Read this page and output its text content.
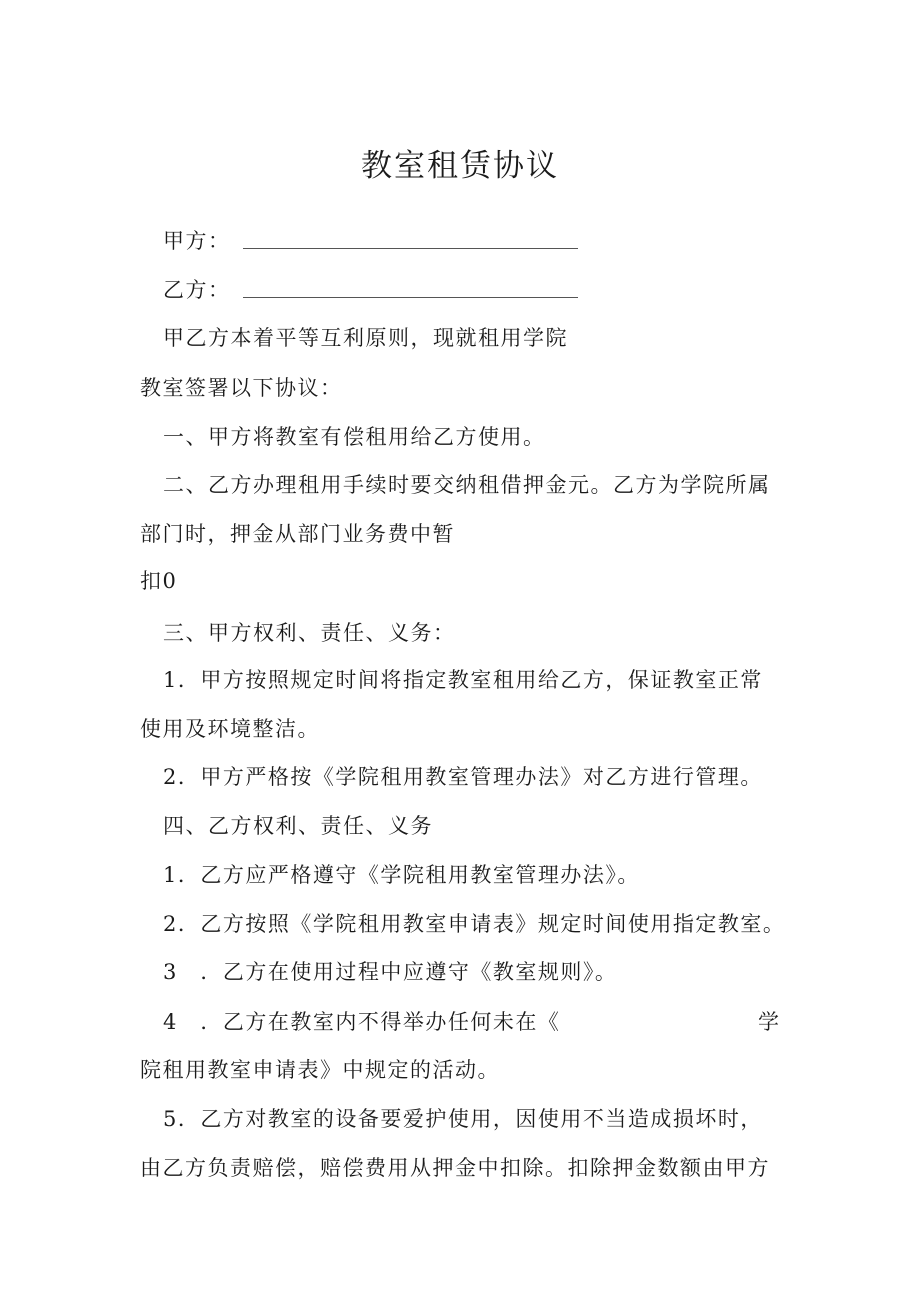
教室租赁协议
甲方：
乙方：
甲乙方本着平等互利原则，现就租用学院
教室签署以下协议：
一、甲方将教室有偿租用给乙方使用。
二、乙方办理租用手续时要交纳租借押金元。乙方为学院所属
部门时，押金从部门业务费中暂
扣0
三、甲方权利、责任、义务：
1．甲方按照规定时间将指定教室租用给乙方，保证教室正常
使用及环境整洁。
2．甲方严格按《学院租用教室管理办法》对乙方进行管理。
四、乙方权利、责任、义务
1．乙方应严格遵守《学院租用教室管理办法》。
2．乙方按照《学院租用教室申请表》规定时间使用指定教室。
3　．乙方在使用过程中应遵守《教室规则》。
4　．乙方在教室内不得举办任何未在《	学
院租用教室申请表》中规定的活动。
5．乙方对教室的设备要爱护使用，因使用不当造成损坏时，
由乙方负责赔偿，赔偿费用从押金中扣除。扣除押金数额由甲方
